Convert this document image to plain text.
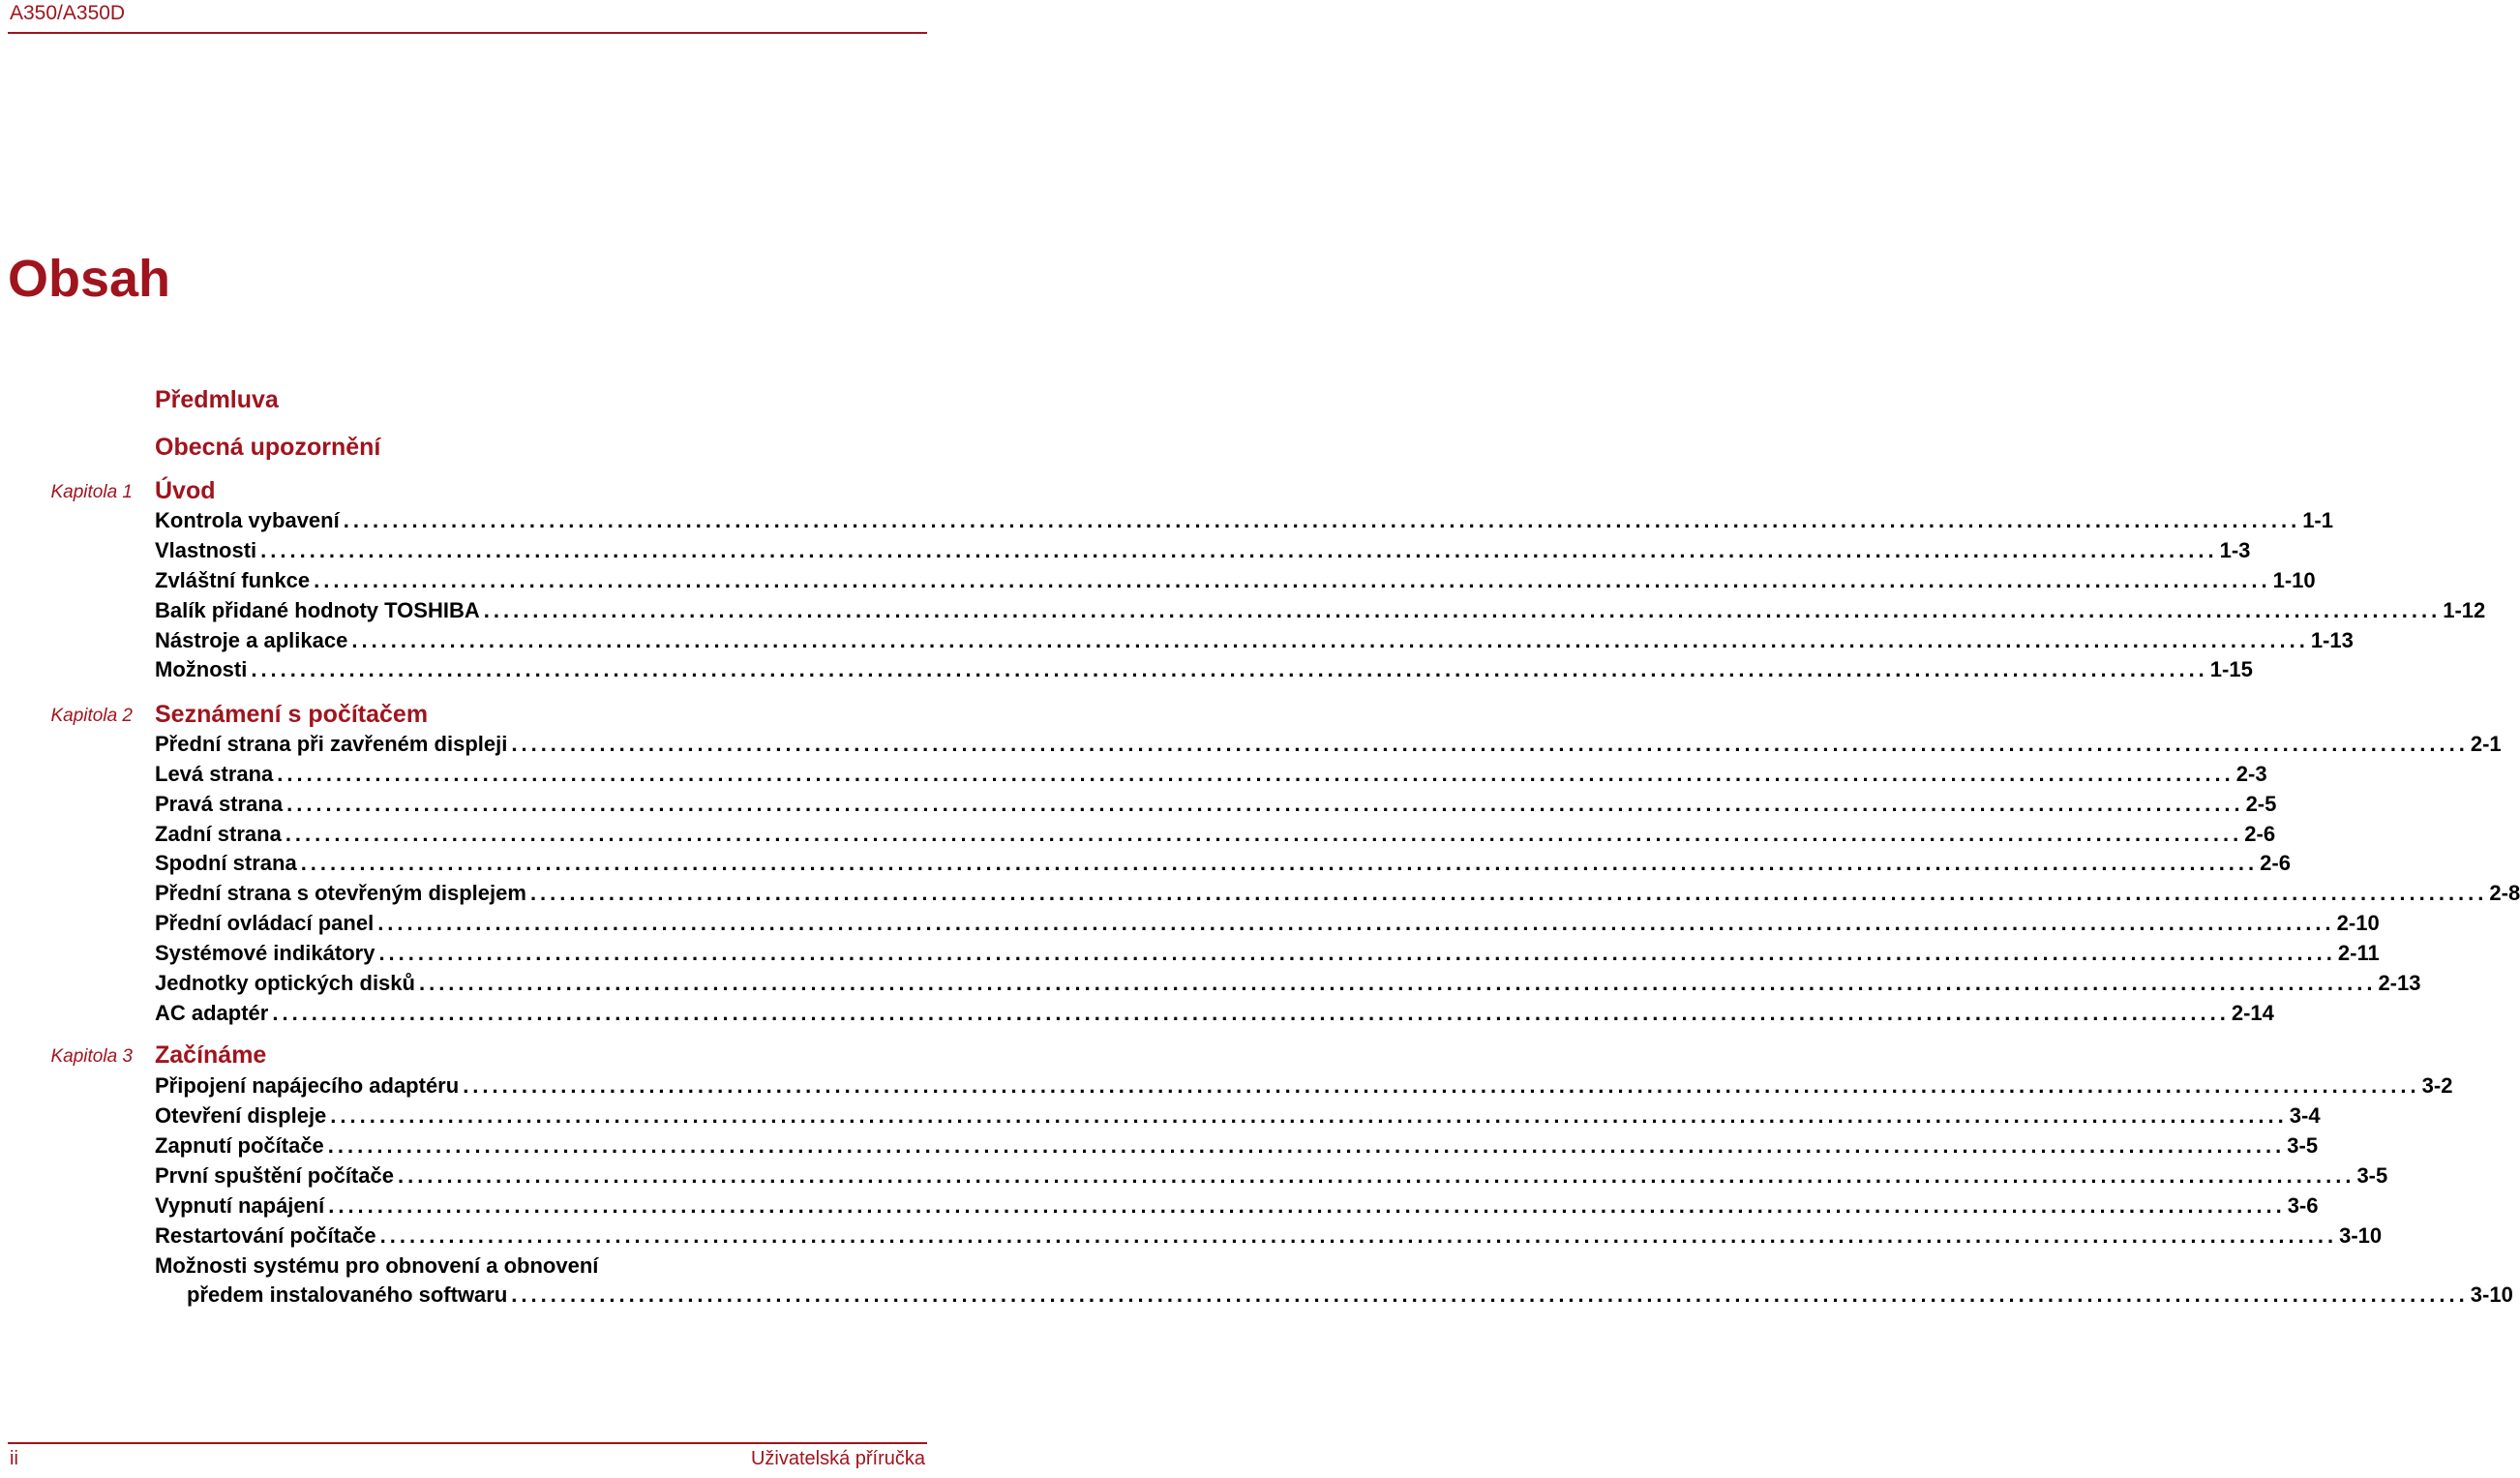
A350/A350D
Obsah
Předmluva
Obecná upozornění
Kapitola 1 Úvod
Kontrola vybavení ........................................................................................................................................................................................................ 1-1
Vlastnosti ........................................................................................................................................................................................................ 1-3
Zvláštní funkce ........................................................................................................................................................................................................ 1-10
Balík přidané hodnoty TOSHIBA ........................................................................................................................................................................................................ 1-12
Nástroje a aplikace ........................................................................................................................................................................................................ 1-13
Možnosti ........................................................................................................................................................................................................ 1-15
Kapitola 2 Seznámení s počítačem
Přední strana při zavřeném displeji ........................................................................................................................................................................................................ 2-1
Levá strana ........................................................................................................................................................................................................ 2-3
Pravá strana ........................................................................................................................................................................................................ 2-5
Zadní strana ........................................................................................................................................................................................................ 2-6
Spodní strana ........................................................................................................................................................................................................ 2-6
Přední strana s otevřeným displejem ........................................................................................................................................................................................................ 2-8
Přední ovládací panel ........................................................................................................................................................................................................ 2-10
Systémové indikátory ........................................................................................................................................................................................................ 2-11
Jednotky optických disků ........................................................................................................................................................................................................ 2-13
AC adaptér ........................................................................................................................................................................................................ 2-14
Kapitola 3 Začínáme
Připojení napájecího adaptéru ........................................................................................................................................................................................................ 3-2
Otevření displeje ........................................................................................................................................................................................................ 3-4
Zapnutí počítače ........................................................................................................................................................................................................ 3-5
První spuštění počítače ........................................................................................................................................................................................................ 3-5
Vypnutí napájení ........................................................................................................................................................................................................ 3-6
Restartování počítače ........................................................................................................................................................................................................ 3-10
Možnosti systému pro obnovení a obnovení
předem instalovaného softwaru ........................................................................................................................................................................................................ 3-10
ii	Uživatelská příručka
